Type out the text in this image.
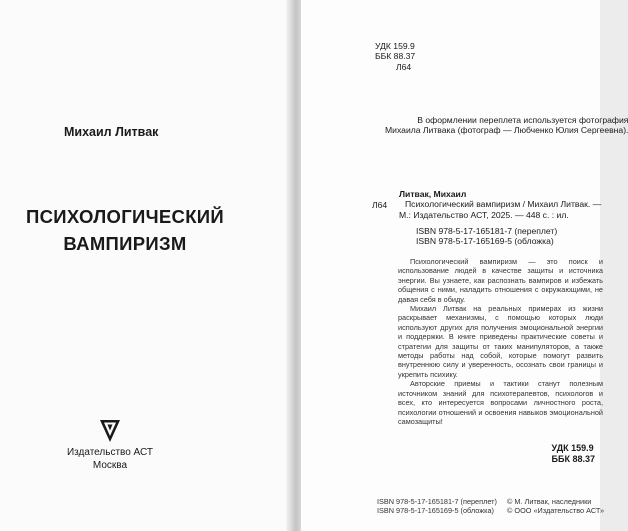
Михаил Литвак
ПСИХОЛОГИЧЕСКИЙ
ВАМПИРИЗМ
Издательство АСТ
Москва
УДК 159.9
ББК 88.37
Л64
В оформлении переплета используется фотография
Михаила Литвака (фотограф — Любченко Юлия Сергеевна).
Л64
Литвак, Михаил
Психологический вампиризм / Михаил Литвак. —
М.: Издательство АСТ, 2025. — 448 с. : ил.
ISBN 978-5-17-165181-7 (переплет)
ISBN 978-5-17-165169-5 (обложка)

Психологический вампиризм — это поиск и использование людей в качестве защиты и источника энергии. Вы узнаете, как распознать вампиров и избежать общения с ними, наладить отношения с окружающими, не давая себя в обиду.

Михаил Литвак на реальных примерах из жизни раскрывает механизмы, с помощью которых люди используют других для получения эмоциональной энергии и поддержки. В книге приведены практические советы и стратегии для защиты от таких манипуляторов, а также методы работы над собой, которые помогут развить внутреннюю силу и уверенность, осознать свои границы и укрепить психику.

Авторские приемы и тактики станут полезным источником знаний для психотерапевтов, психологов и всех, кто интересуется вопросами личностного роста, психологии отношений и освоения навыков эмоциональной самозащиты!

УДК 159.9
ББК 88.37
ISBN 978-5-17-165181-7 (переплет)
ISBN 978-5-17-165169-5 (обложка)
© М. Литвак, наследники
© ООО «Издательство АСТ»
